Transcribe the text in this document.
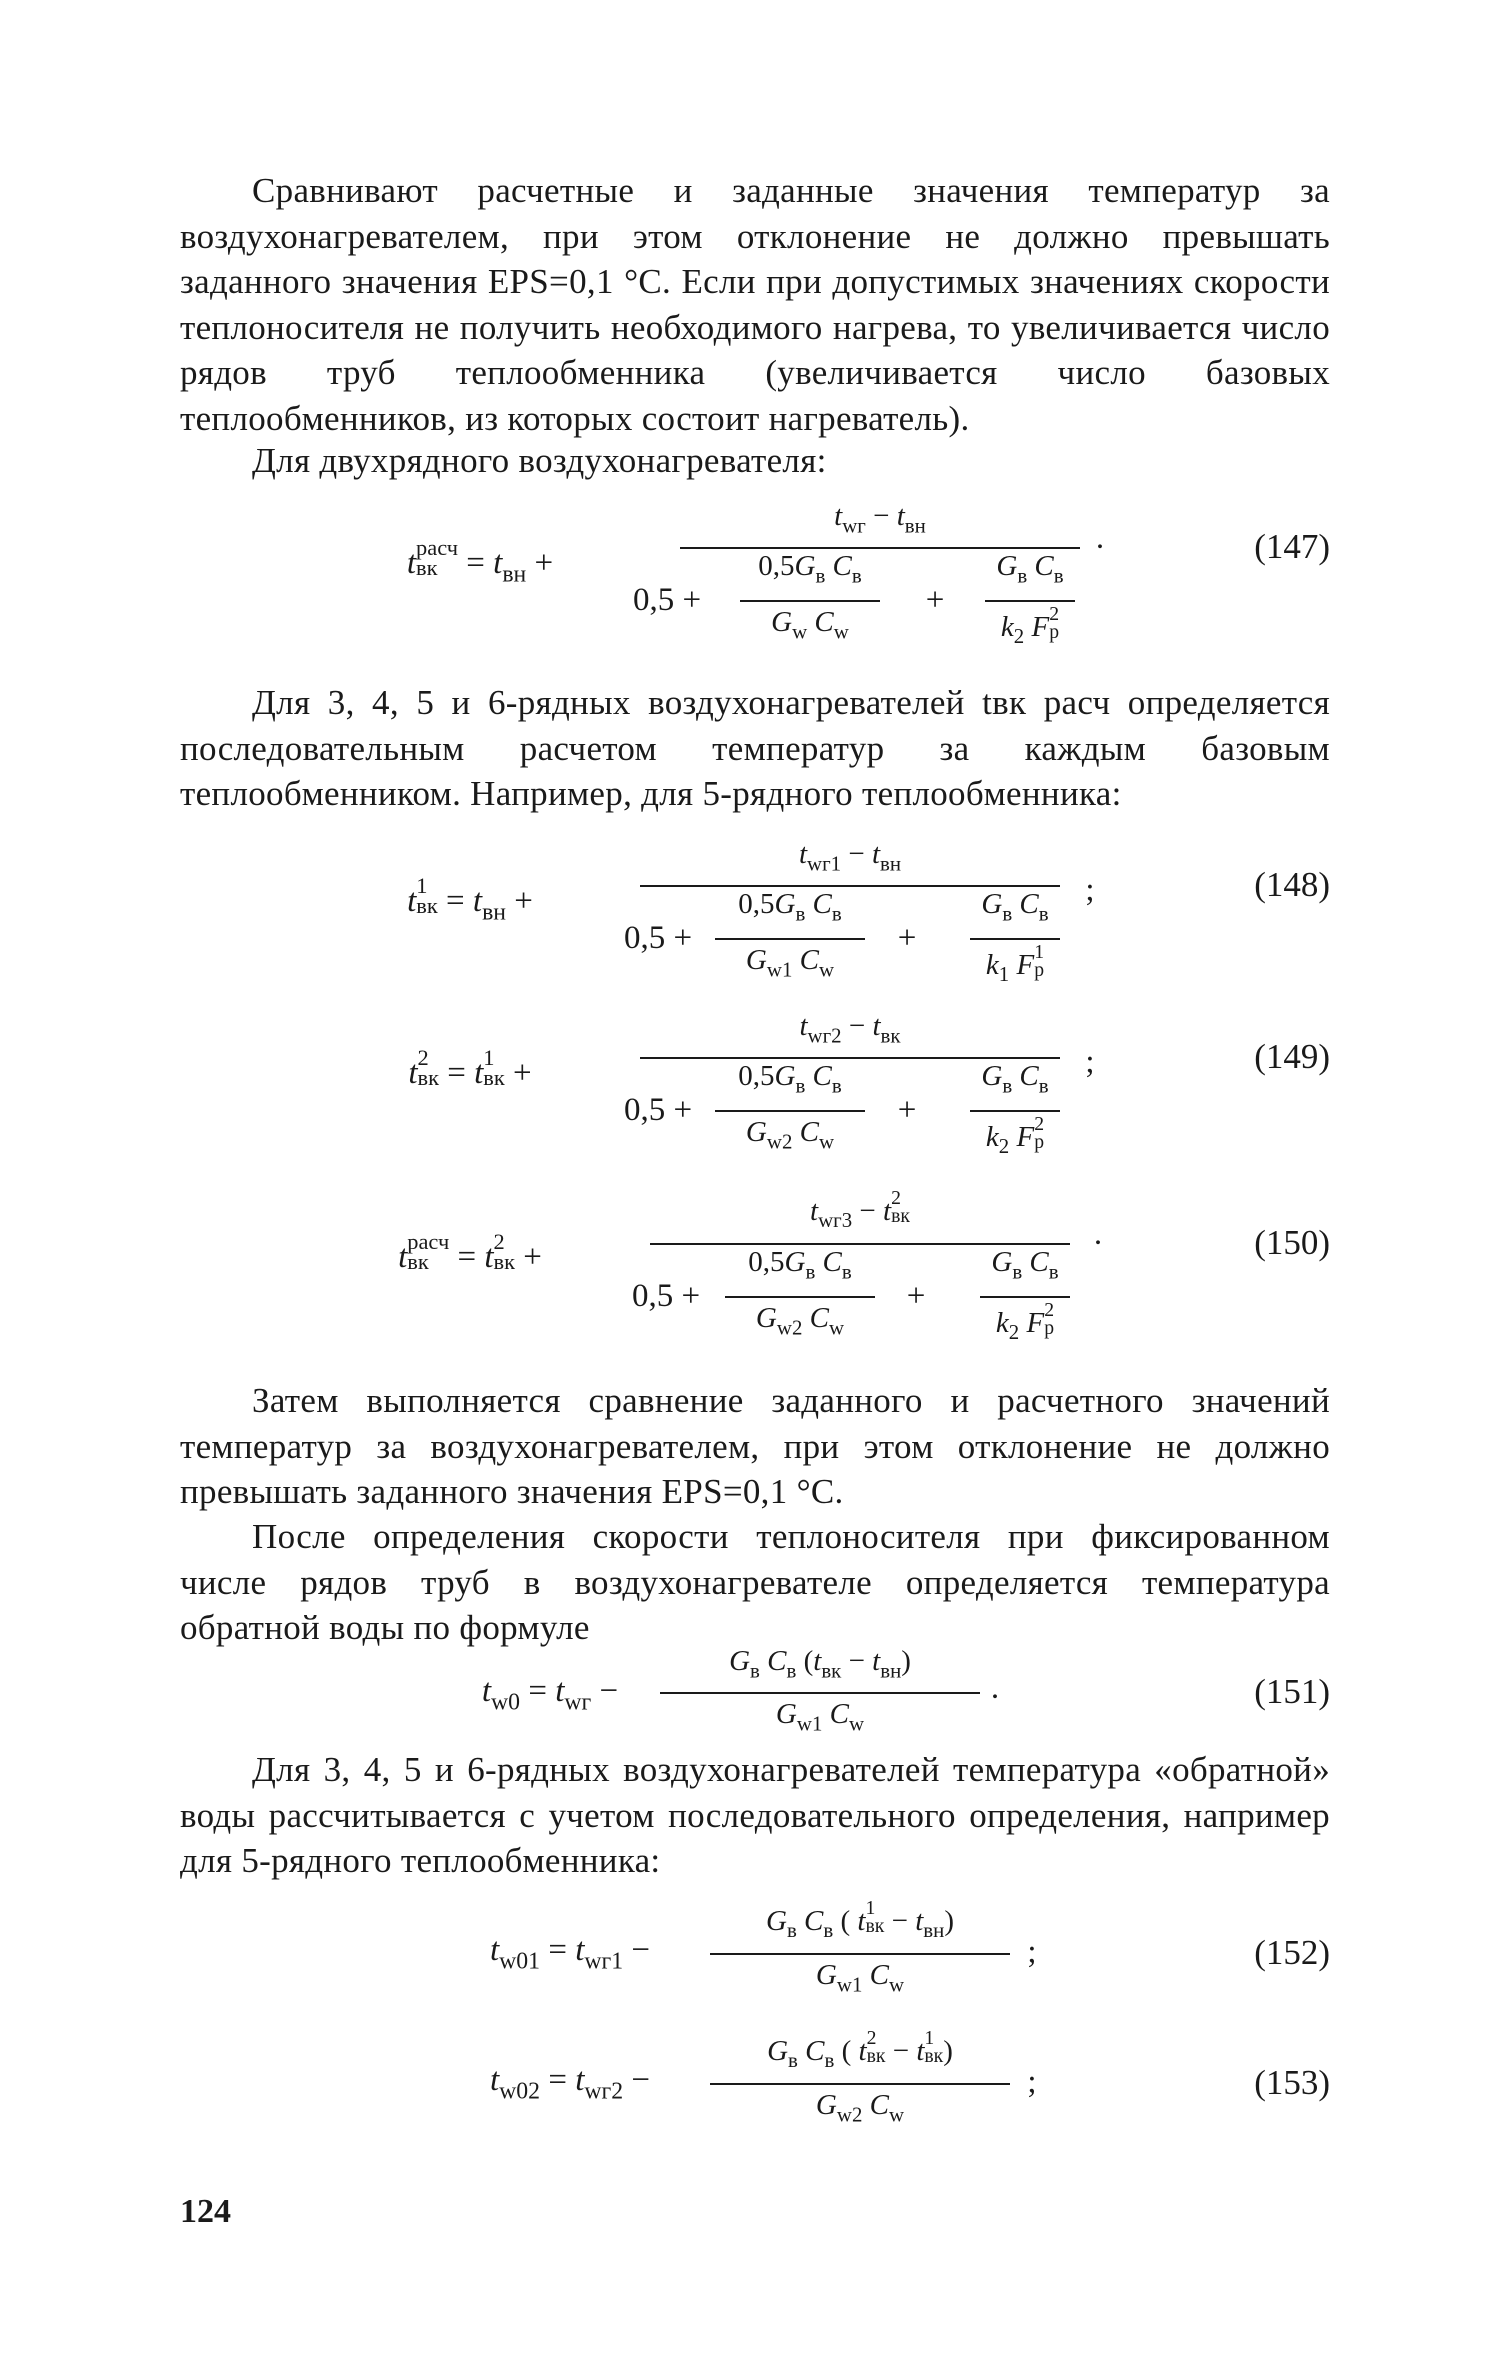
Сравнивают расчетные и заданные значения температур за воздухонагревателем, при этом отклонение не должно превышать заданного значения EPS=0,1 °С. Если при допустимых значениях скорости теплоносителя не получить необходимого нагрева, то увеличивается число рядов труб теплообменника (увеличивается число базовых теплообменников, из которых состоит нагреватель).

Для двухрядного воздухонагревателя:

t расч
вк = $t_{вн}$ +
$t_{wг} - t_{вн}$
0,5 +
$0,5G_в$ $C_в$
$G_w$ $C_w$
+
$G_в$ $C_в$
$k_2$ F 2
р
.	(147)

Для 3, 4, 5 и 6-рядных воздухонагревателей tвк расч определяется последовательным расчетом температур за каждым базовым теплообменником. Например, для 5-рядного теплообменника:

t 1
вк = $t_{вн}$ +
$t_{wг1} - t_{вн}$
0,5 +
$0,5G_в$ $C_в$
$G_{w1}$ $C_w$
+
$G_в$ $C_в$
$k_1$ F 1
р
;	(148)
t 2
вк = t 1
вк +
$t_{wг2} - t_{вк}$
0,5 +
$0,5G_в$ $C_в$
$G_{w2}$ $C_w$
+
$G_в$ $C_в$
$k_2$ F 2
р
;	(149)
t расч
вк = t 2
вк +
$t_{wг3} - t$ 2
вк
0,5 +
$0,5G_в$ $C_в$
$G_{w2}$ $C_w$
+
$G_в$ $C_в$
$k_2$ F 2
р
.	(150)

Затем выполняется сравнение заданного и расчетного значений температур за воздухонагревателем, при этом отклонение не должно превышать заданного значения EPS=0,1 °С.

После определения скорости теплоносителя при фиксированном числе рядов труб в воздухонагревателе определяется температура обратной воды по формуле

$t_{w0} = t_{wг}$ −
$G_в$ $C_в$ $(t_{вк} - t_{вн})$
$G_{w1}$ $C_w$
.	(151)

Для 3, 4, 5 и 6-рядных воздухонагревателей температура «обратной» воды рассчитывается с учетом последовательного определения, например для 5-рядного теплообменника:

$t_{w01} = t_{wг1}$ −
$G_в$ $C_в$ ( t 1
вк − $t_{вн}$)
$G_{w1}$ $C_w$
;	(152)
$t_{w02} = t_{wг2}$ −
$G_в$ $C_в$ ( t 2
вк − t 1
вк )
$G_{w2}$ $C_w$
;	(153)
124
